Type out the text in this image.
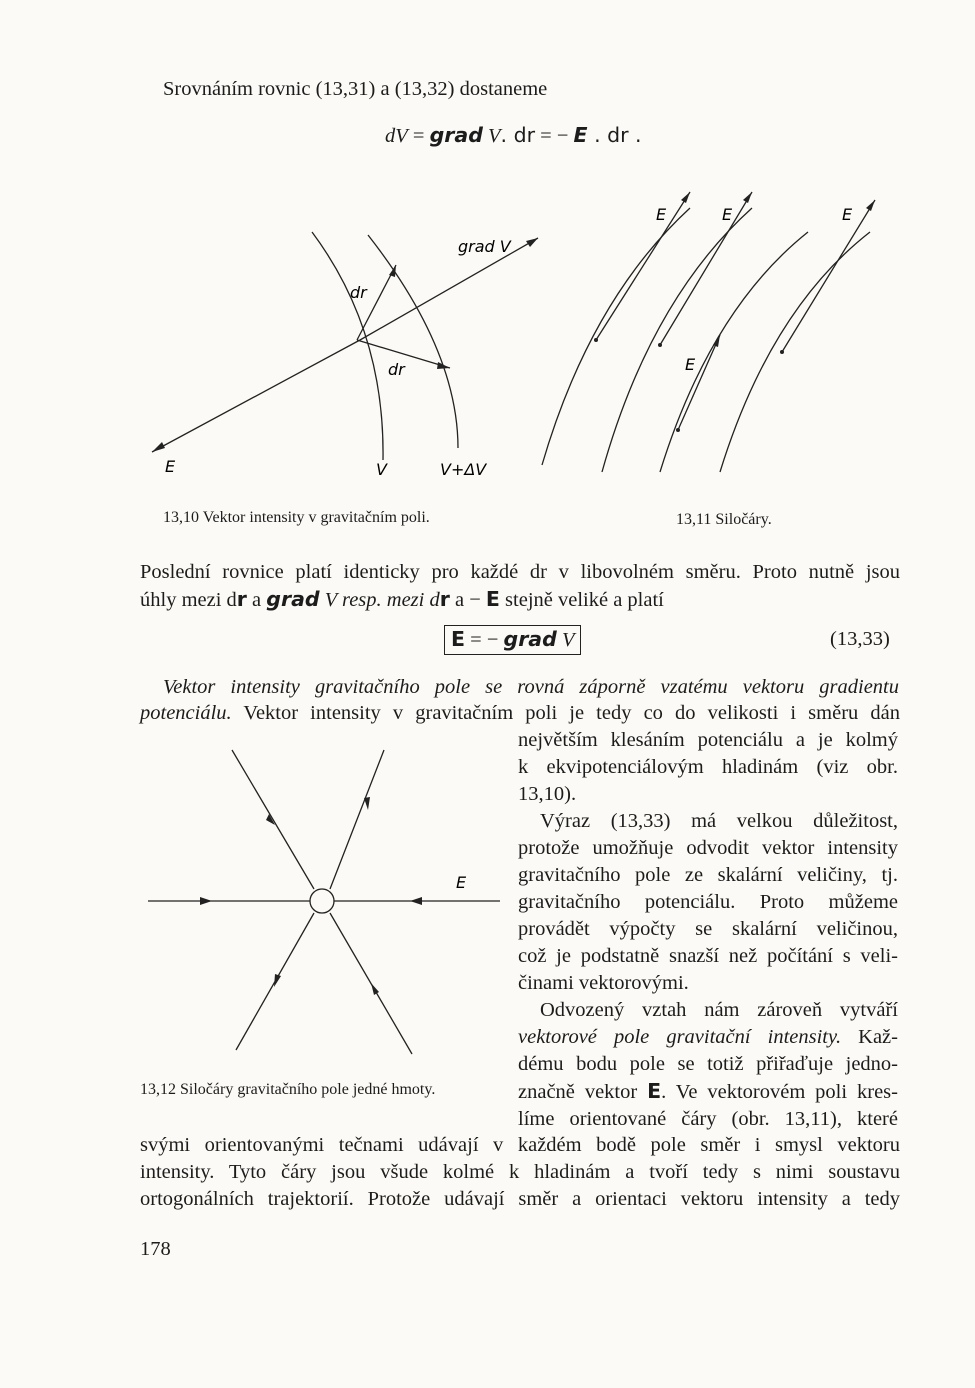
Srovnáním rovnic (13,31) a (13,32) dostaneme
dV = grad V. dr = − E . dr .
grad V
dr
dr
E	V	V+ΔV
13,10 Vektor intensity v gravitačním poli.
E	E	E
E
13,11 Siločáry.
Poslední rovnice platí identicky pro každé dr v libovolném směru. Proto nutně jsou
úhly mezi dr a grad V resp. mezi dr a − E stejně veliké a platí
E = − grad V	(13,33)
Vektor intensity gravitačního pole se rovná záporně vzatému vektoru gradientu
potenciálu. Vektor intensity v gravitačním poli je tedy co do velikosti i směru dán
největším klesáním potenciálu a je kolmý
k ekvipotenciálovým hladinám (viz obr.
13,10).
Výraz (13,33) má velkou důležitost,
protože umožňuje odvodit vektor intensity
gravitačního pole ze skalární veličiny, tj.
gravitačního potenciálu. Proto můžeme
provádět výpočty se skalární veličinou,
což je podstatně snazší než počítání s veli-
činami vektorovými.
Odvozený vztah nám zároveň vytváří
vektorové pole gravitační intensity. Kaž-
dému bodu pole se totiž přiřaďuje jedno-
značně vektor E. Ve vektorovém poli kres-
líme orientované čáry (obr. 13,11), které
E
13,12 Siločáry gravitačního pole jedné hmoty.
svými orientovanými tečnami udávají v každém bodě pole směr i smysl vektoru
intensity. Tyto čáry jsou všude kolmé k hladinám a tvoří tedy s nimi soustavu
ortogonálních trajektorií. Protože udávají směr a orientaci vektoru intensity a tedy
178
